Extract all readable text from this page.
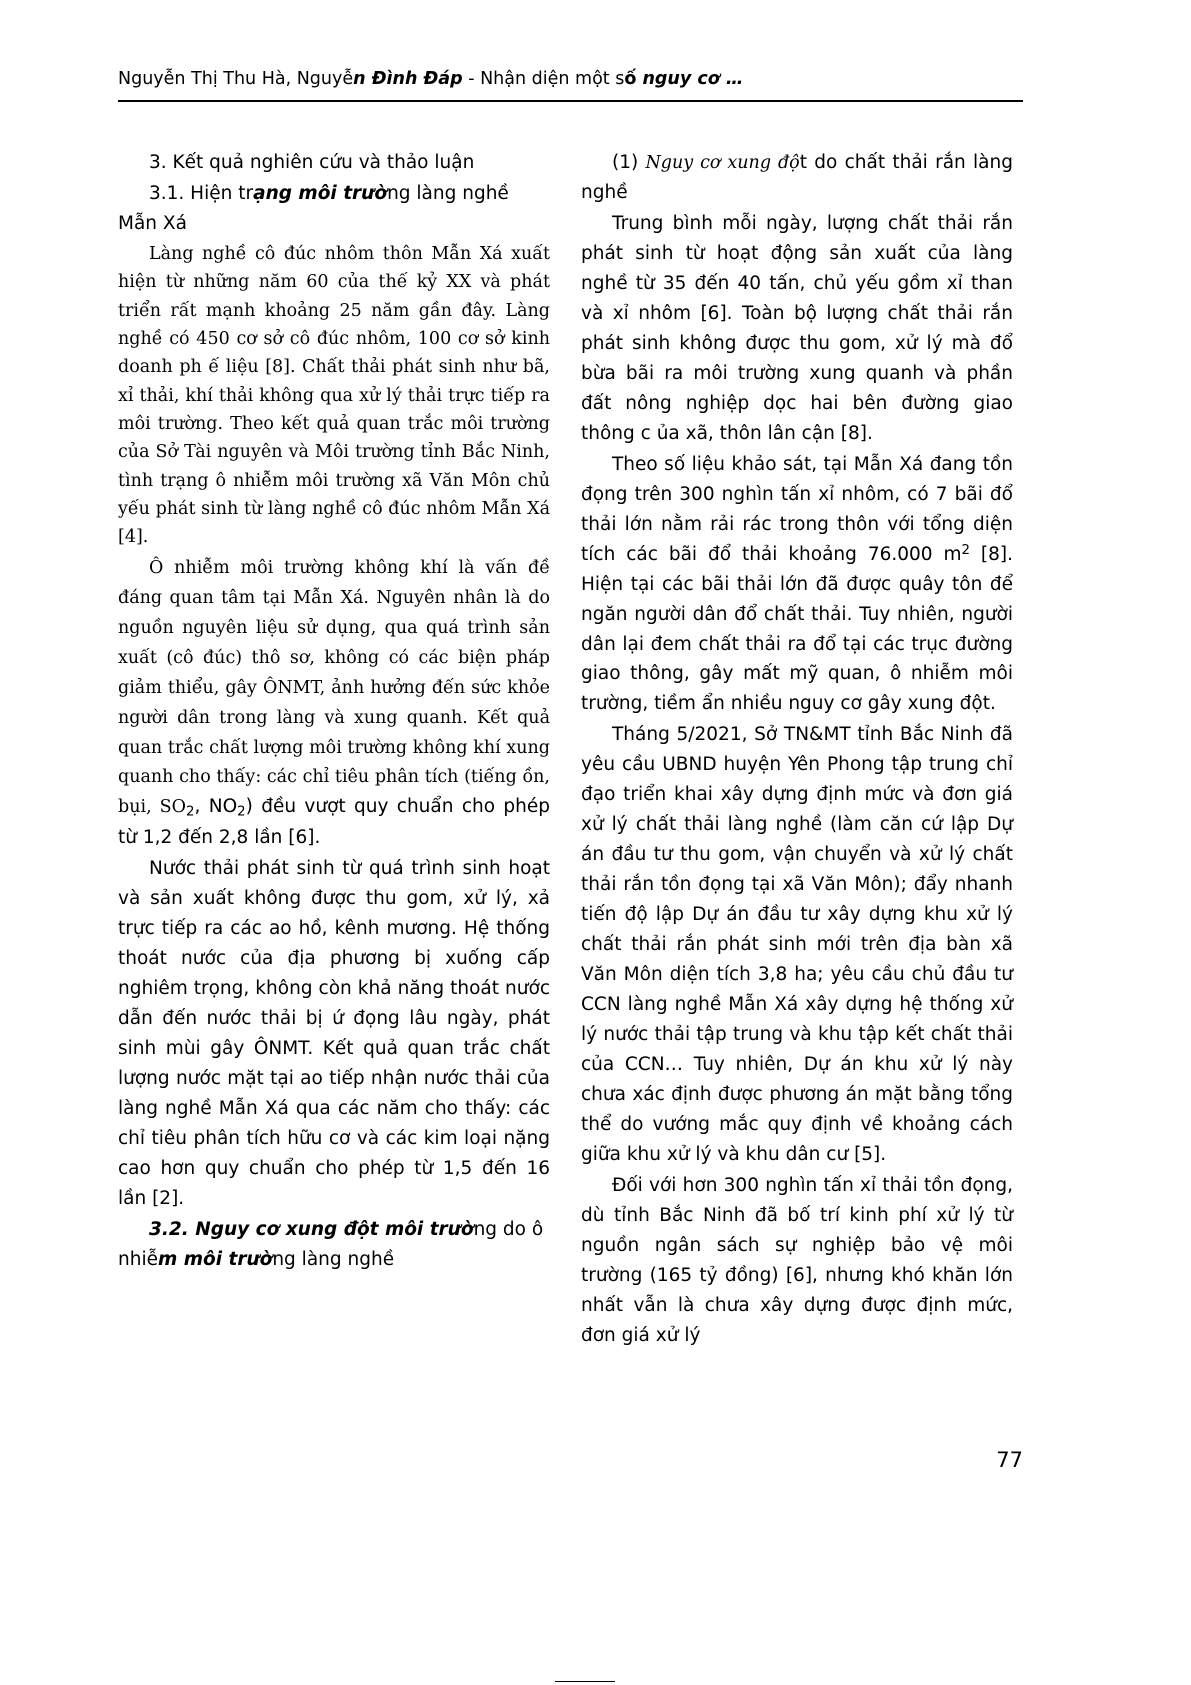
Nguyễn Thị Thu Hà, Nguyễn Đình Đáp - Nhận diện một số nguy cơ …
3. Kết quả nghiên cứu và thảo luận
3.1. Hiện trạng môi trường làng nghề Mẫn Xá

Làng nghề cô đúc nhôm thôn Mẫn Xá xuất hiện từ những năm 60 của thế kỷ XX và phát triển rất mạnh khoảng 25 năm gần đây. Làng nghề có 450 cơ sở cô đúc nhôm, 100 cơ sở kinh doanh ph ế liệu [8]. Chất thải phát sinh như bã, xỉ thải, khí thải không qua xử lý thải trực tiếp ra môi trường. Theo kết quả quan trắc môi trường của Sở Tài nguyên và Môi trường tỉnh Bắc Ninh, tình trạng ô nhiễm môi trường xã Văn Môn chủ yếu phát sinh từ làng nghề cô đúc nhôm Mẫn Xá [4].

Ô nhiễm môi trường không khí là vấn đề đáng quan tâm tại Mẫn Xá. Nguyên nhân là do nguồn nguyên liệu sử dụng, qua quá trình sản xuất (cô đúc) thô sơ, không có các biện pháp giảm thiểu, gây ÔNMT, ảnh hưởng đến sức khỏe người dân trong làng và xung quanh. Kết quả quan trắc chất lượng môi trường không khí xung quanh cho thấy: các chỉ tiêu phân tích (tiếng ồn, bụi, $SO_2$, $NO_2$) đều vượt quy chuẩn cho phép từ 1,2 đến 2,8 lần [6].

Nước thải phát sinh từ quá trình sinh hoạt và sản xuất không được thu gom, xử lý, xả trực tiếp ra các ao hồ, kênh mương. Hệ thống thoát nước của địa phương bị xuống cấp nghiêm trọng, không còn khả năng thoát nước dẫn đến nước thải bị ứ đọng lâu ngày, phát sinh mùi gây ÔNMT. Kết quả quan trắc chất lượng nước mặt tại ao tiếp nhận nước thải của làng nghề Mẫn Xá qua các năm cho thấy: các chỉ tiêu phân tích hữu cơ và các kim loại nặng cao hơn quy chuẩn cho phép từ 1,5 đến 16 lần [2].

3.2. Nguy cơ xung đột môi trường do ô nhiễm môi trường làng nghề

(1) Nguy cơ xung đột do chất thải rắn làng nghề

Trung bình mỗi ngày, lượng chất thải rắn phát sinh từ hoạt động sản xuất của làng nghề từ 35 đến 40 tấn, chủ yếu gồm xỉ than và xỉ nhôm [6]. Toàn bộ lượng chất thải rắn phát sinh không được thu gom, xử lý mà đổ bừa bãi ra môi trường xung quanh và phần đất nông nghiệp dọc hai bên đường giao thông c ủa xã, thôn lân cận [8].

Theo số liệu khảo sát, tại Mẫn Xá đang tồn đọng trên 300 nghìn tấn xỉ nhôm, có 7 bãi đổ thải lớn nằm rải rác trong thôn với tổng diện tích các bãi đổ thải khoảng 76.000 $m^2$ [8]. Hiện tại các bãi thải lớn đã được quây tôn để ngăn người dân đổ chất thải. Tuy nhiên, người dân lại đem chất thải ra đổ tại các trục đường giao thông, gây mất mỹ quan, ô nhiễm môi trường, tiềm ẩn nhiều nguy cơ gây xung đột.

Tháng 5/2021, Sở TN&MT tỉnh Bắc Ninh đã yêu cầu UBND huyện Yên Phong tập trung chỉ đạo triển khai xây dựng định mức và đơn giá xử lý chất thải làng nghề (làm căn cứ lập Dự án đầu tư thu gom, vận chuyển và xử lý chất thải rắn tồn đọng tại xã Văn Môn); đẩy nhanh tiến độ lập Dự án đầu tư xây dựng khu xử lý chất thải rắn phát sinh mới trên địa bàn xã Văn Môn diện tích 3,8 ha; yêu cầu chủ đầu tư CCN làng nghề Mẫn Xá xây dựng hệ thống xử lý nước thải tập trung và khu tập kết chất thải của CCN… Tuy nhiên, Dự án khu xử lý này chưa xác định được phương án mặt bằng tổng thể do vướng mắc quy định về khoảng cách giữa khu xử lý và khu dân cư [5].

Đối với hơn 300 nghìn tấn xỉ thải tồn đọng, dù tỉnh Bắc Ninh đã bố trí kinh phí xử lý từ nguồn ngân sách sự nghiệp bảo vệ môi trường (165 tỷ đồng) [6], nhưng khó khăn lớn nhất vẫn là chưa xây dựng được định mức, đơn giá xử lý

77
